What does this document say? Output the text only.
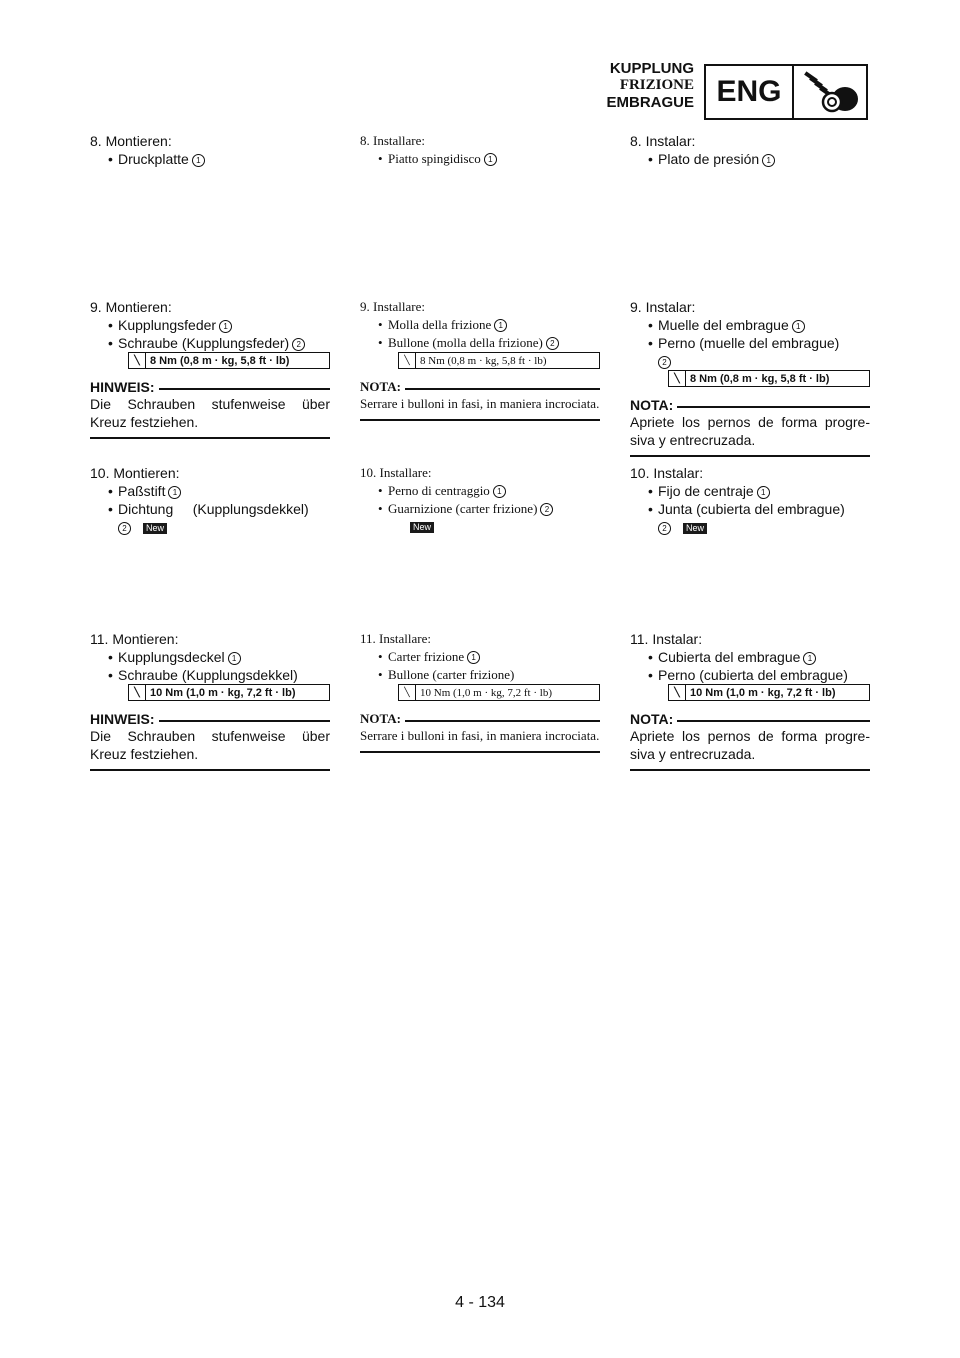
KUPPLUNG
FRIZIONE
EMBRAGUE ENG
8. Montieren:
• Druckplatte 1
9. Montieren:
• Kupplungsfeder 1
• Schraube (Kupplungsfeder) 2
╲ 8 Nm (0,8 m · kg, 5,8 ft · lb)
HINWEIS:
Die Schrauben stufenweise über Kreuz festziehen.
10. Montieren:
• Paßstift 1
• Dichtung     (Kupplungsdekkel)
2 New
11. Montieren:
• Kupplungsdeckel 1
• Schraube (Kupplungsdekkel)
╲ 10 Nm (1,0 m · kg, 7,2 ft · lb)
HINWEIS:
Die Schrauben stufenweise über Kreuz festziehen.
8. Installare:
• Piatto spingidisco 1
9. Installare:
• Molla della frizione 1
• Bullone (molla della frizione) 2
╲ 8 Nm (0,8 m · kg, 5,8 ft · lb)
NOTA:
Serrare i bulloni in fasi, in maniera incrociata.
10. Installare:
• Perno di centraggio 1
• Guarnizione (carter frizione) 2
New
11. Installare:
• Carter frizione 1
• Bullone (carter frizione)
╲ 10 Nm (1,0 m · kg, 7,2 ft · lb)
NOTA:
Serrare i bulloni in fasi, in maniera incrociata.
8. Instalar:
• Plato de presión 1
9. Instalar:
• Muelle del embrague 1
• Perno (muelle del embrague)
2
╲ 8 Nm (0,8 m · kg, 5,8 ft · lb)
NOTA:
Apriete los pernos de forma progre-siva y entrecruzada.
10. Instalar:
• Fijo de centraje 1
• Junta (cubierta del embrague)
2 New
11. Instalar:
• Cubierta del embrague 1
• Perno (cubierta del embrague)
╲ 10 Nm (1,0 m · kg, 7,2 ft · lb)
NOTA:
Apriete los pernos de forma progre-siva y entrecruzada.
4 - 134
